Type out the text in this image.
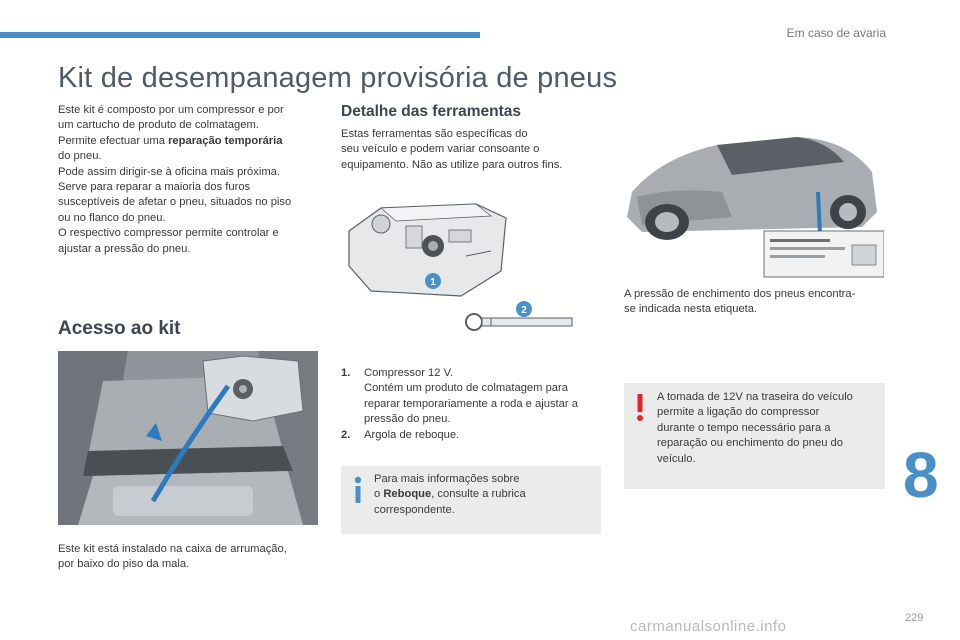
Em caso de avaria
Kit de desempanagem provisória de pneus
Este kit é composto por um compressor e por
um cartucho de produto de colmatagem.
Permite efectuar uma reparação temporária
do pneu.
Pode assim dirigir-se à oficina mais próxima.
Serve para reparar a maioria dos furos
susceptíveis de afetar o pneu, situados no piso
ou no flanco do pneu.
O respectivo compressor permite controlar e
ajustar a pressão do pneu.
Acesso ao kit
Este kit está instalado na caixa de arrumação,
por baixo do piso da mala.
Detalhe das ferramentas
Estas ferramentas são específicas do
seu veículo e podem variar consoante o
equipamento. Não as utilize para outros fins.
1
2
1.	Compressor 12 V.
Contém um produto de colmatagem para
reparar temporariamente a roda e ajustar a
pressão do pneu.
2.	Argola de reboque.
Para mais informações sobre
o Reboque, consulte a rubrica
correspondente.
A pressão de enchimento dos pneus encontra-
se indicada nesta etiqueta.
A tomada de 12V na traseira do veículo
permite a ligação do compressor
durante o tempo necessário para a
reparação ou enchimento do pneu do
veículo.	8
229
carmanualsonline.info
